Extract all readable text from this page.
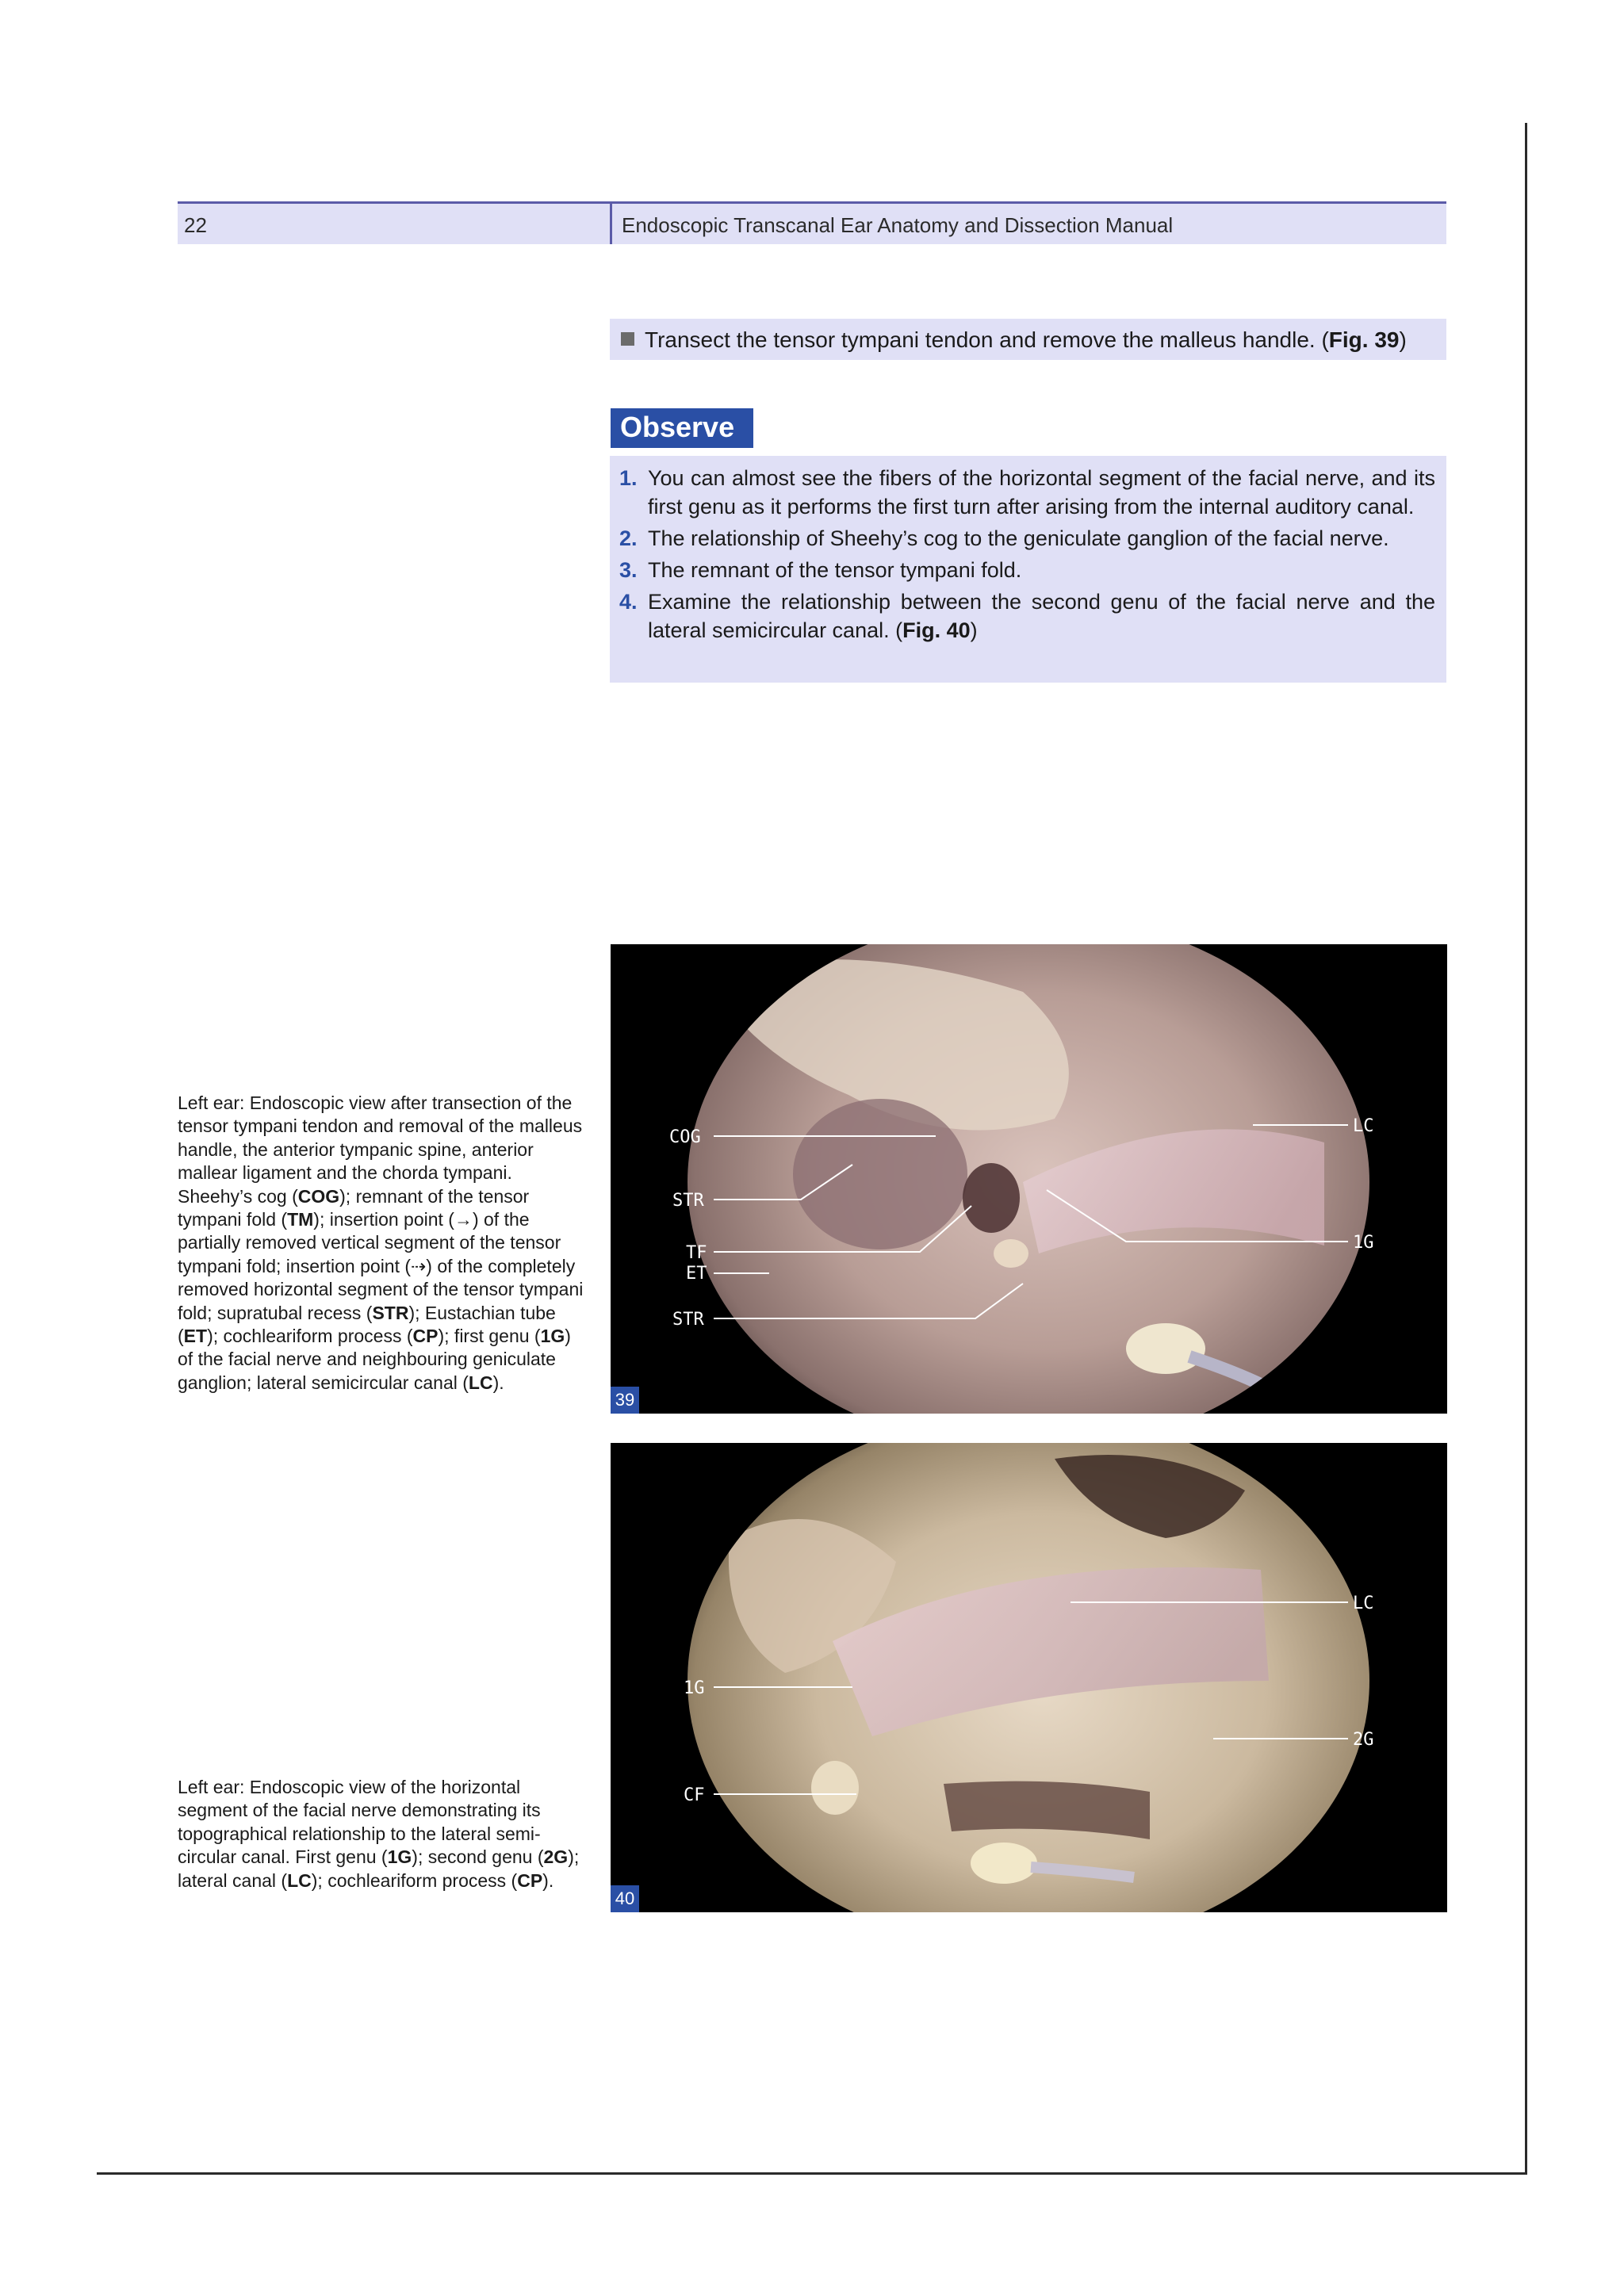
22	Endoscopic Transcanal Ear Anatomy and Dissection Manual
Transect the tensor tympani tendon and remove the malleus handle. (Fig. 39)
Observe
1. You can almost see the fibers of the horizontal segment of the facial nerve, and its first genu as it performs the first turn after arising from the internal auditory canal.
2. The relationship of Sheehy’s cog to the geniculate ganglion of the facial nerve.
3. The remnant of the tensor tympani fold.
4. Examine the relationship between the second genu of the facial nerve and the lateral semicircular canal. (Fig. 40)
Left ear: Endoscopic view after transection of the tensor tympani tendon and removal of the malleus handle, the anterior tympanic spine, anterior mallear ligament and the chorda tympani. Sheehy’s cog (COG); remnant of the tensor tympani fold (TM); insertion point (→) of the partially removed vertical segment of the tensor tympani fold; insertion point (⇢) of the completely removed horizontal segment of the tensor tympani fold; supratubal recess (STR); Eustachian tube (ET); cochleariform process (CP); first genu (1G) of the facial nerve and neighbouring geniculate ganglion; lateral semicircular canal (LC).
COG
STR
TF
ET
STR
LC
1G
39
Left ear: Endoscopic view of the horizontal segment of the facial nerve demonstrating its topographical relationship to the lateral semi-circular canal. First genu (1G); second genu (2G); lateral canal (LC); cochleariform process (CP).
1G
CF
LC
2G
40
